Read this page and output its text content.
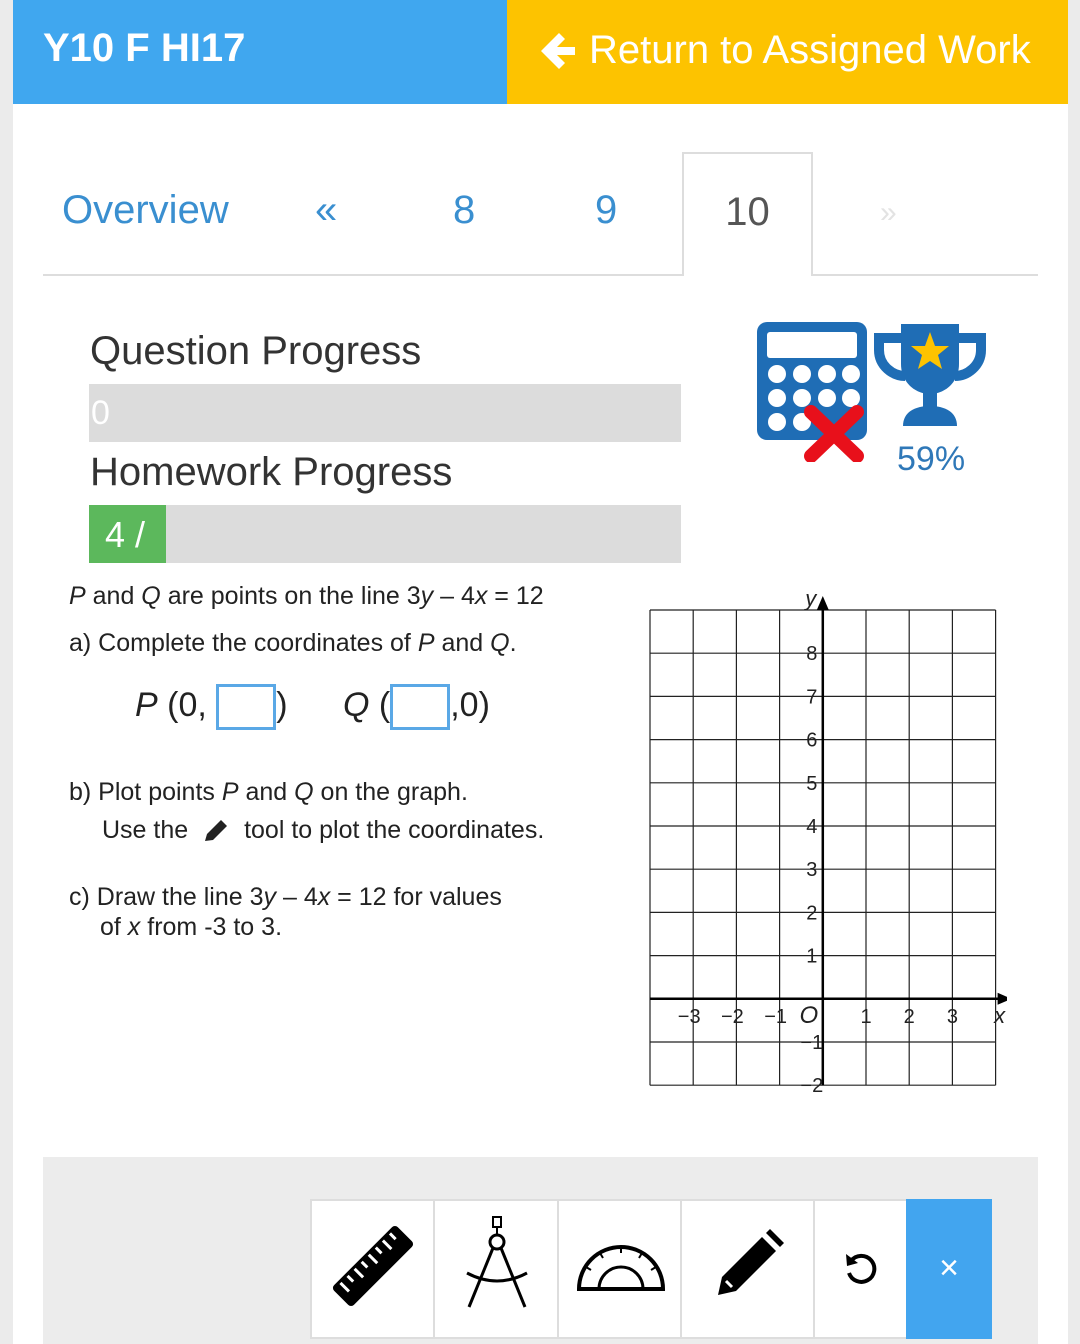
Y10 F HI17	Return to Assigned Work
10
Overview «	8	9	»
Question Progress
0
Homework Progress
4 /
59%
P and Q are points on the line 3y – 4x = 12
a) Complete the coordinates of P and Q.
P (0, ) Q ( ,0)
b) Plot points P and Q on the graph.
Use the tool to plot the coordinates.
c) Draw the line 3y – 4x = 12 for values
of x from -3 to 3.
−3 −2 −1	1 2 3
8
7
6
5
4
3
2
1
−1
−2
O	x
y
×
